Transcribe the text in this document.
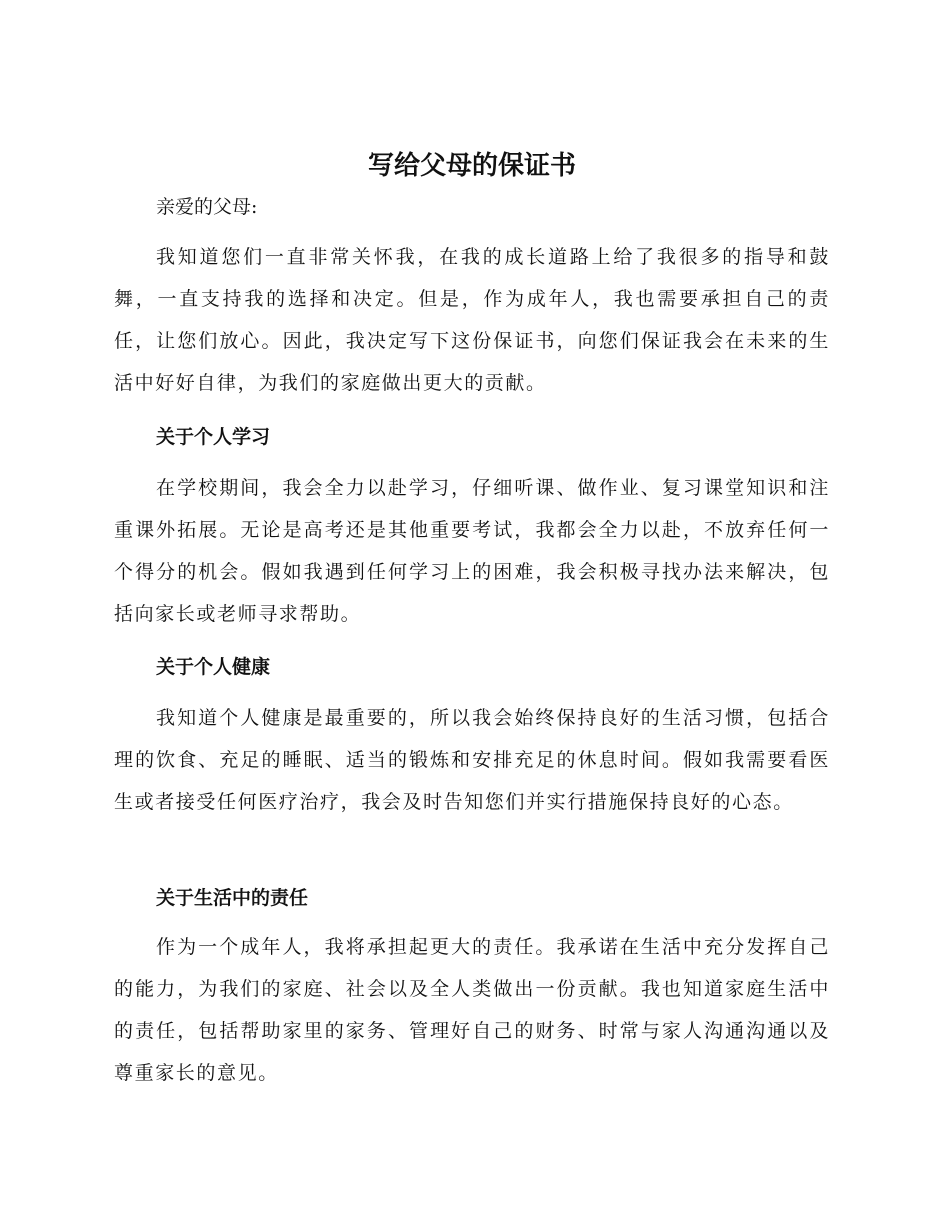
写给父母的保证书

亲爱的父母:

我知道您们一直非常关怀我，在我的成长道路上给了我很多的指导和鼓舞，一直支持我的选择和决定。但是，作为成年人，我也需要承担自己的责任，让您们放心。因此，我决定写下这份保证书，向您们保证我会在未来的生活中好好自律，为我们的家庭做出更大的贡献。

关于个人学习

在学校期间，我会全力以赴学习，仔细听课、做作业、复习课堂知识和注重课外拓展。无论是高考还是其他重要考试，我都会全力以赴，不放弃任何一个得分的机会。假如我遇到任何学习上的困难，我会积极寻找办法来解决，包括向家长或老师寻求帮助。

关于个人健康

我知道个人健康是最重要的，所以我会始终保持良好的生活习惯，包括合理的饮食、充足的睡眠、适当的锻炼和安排充足的休息时间。假如我需要看医生或者接受任何医疗治疗，我会及时告知您们并实行措施保持良好的心态。

关于生活中的责任

作为一个成年人，我将承担起更大的责任。我承诺在生活中充分发挥自己的能力，为我们的家庭、社会以及全人类做出一份贡献。我也知道家庭生活中的责任，包括帮助家里的家务、管理好自己的财务、时常与家人沟通沟通以及尊重家长的意见。
